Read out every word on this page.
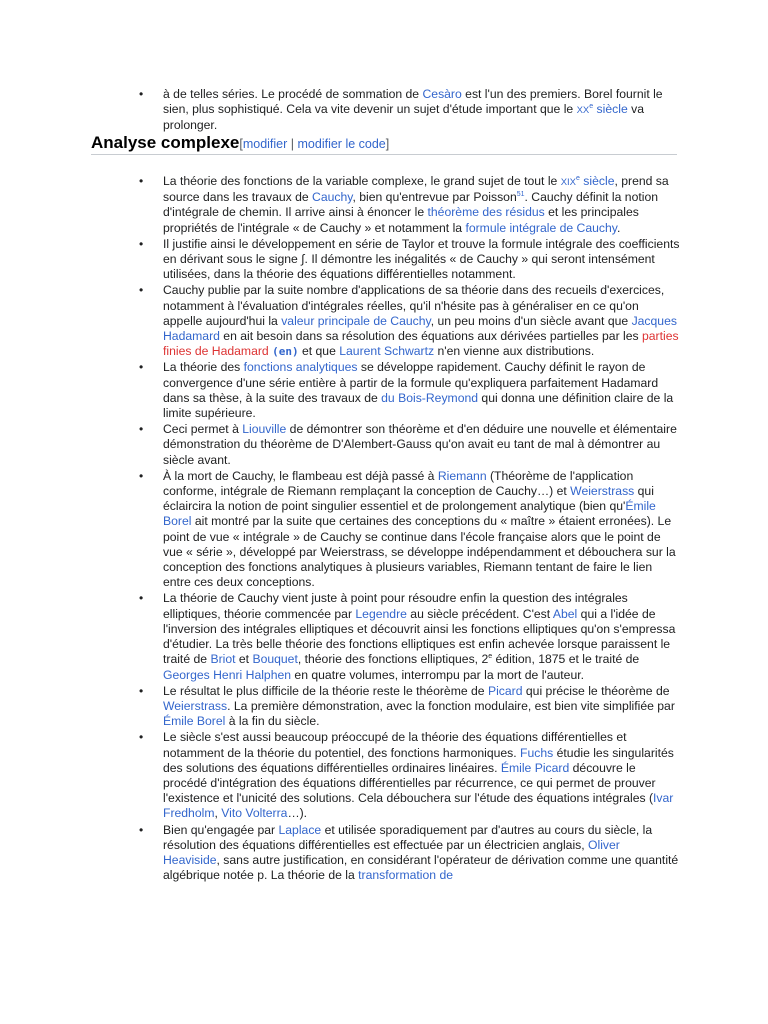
• à de telles séries. Le procédé de sommation de Cesàro est l'un des premiers. Borel fournit le sien, plus sophistiqué. Cela va vite devenir un sujet d'étude important que le XXe siècle va prolonger.
Analyse complexe[modifier | modifier le code]
• La théorie des fonctions de la variable complexe, le grand sujet de tout le XIXe siècle, prend sa source dans les travaux de Cauchy, bien qu'entrevue par Poisson$^{51}$. Cauchy définit la notion d'intégrale de chemin. Il arrive ainsi à énoncer le théorème des résidus et les principales propriétés de l'intégrale « de Cauchy » et notamment la formule intégrale de Cauchy.
• Il justifie ainsi le développement en série de Taylor et trouve la formule intégrale des coefficients en dérivant sous le signe ∫. Il démontre les inégalités « de Cauchy » qui seront intensément utilisées, dans la théorie des équations différentielles notamment.
• Cauchy publie par la suite nombre d'applications de sa théorie dans des recueils d'exercices, notamment à l'évaluation d'intégrales réelles, qu'il n'hésite pas à généraliser en ce qu'on appelle aujourd'hui la valeur principale de Cauchy, un peu moins d'un siècle avant que Jacques Hadamard en ait besoin dans sa résolution des équations aux dérivées partielles par les parties finies de Hadamard (en) et que Laurent Schwartz n'en vienne aux distributions.
• La théorie des fonctions analytiques se développe rapidement. Cauchy définit le rayon de convergence d'une série entière à partir de la formule qu'expliquera parfaitement Hadamard dans sa thèse, à la suite des travaux de du Bois-Reymond qui donna une définition claire de la limite supérieure.
• Ceci permet à Liouville de démontrer son théorème et d'en déduire une nouvelle et élémentaire démonstration du théorème de D'Alembert-Gauss qu'on avait eu tant de mal à démontrer au siècle avant.
• À la mort de Cauchy, le flambeau est déjà passé à Riemann (Théorème de l'application conforme, intégrale de Riemann remplaçant la conception de Cauchy…) et Weierstrass qui éclaircira la notion de point singulier essentiel et de prolongement analytique (bien qu'Émile Borel ait montré par la suite que certaines des conceptions du « maître » étaient erronées). Le point de vue « intégrale » de Cauchy se continue dans l'école française alors que le point de vue « série », développé par Weierstrass, se développe indépendamment et débouchera sur la conception des fonctions analytiques à plusieurs variables, Riemann tentant de faire le lien entre ces deux conceptions.
• La théorie de Cauchy vient juste à point pour résoudre enfin la question des intégrales elliptiques, théorie commencée par Legendre au siècle précédent. C'est Abel qui a l'idée de l'inversion des intégrales elliptiques et découvrit ainsi les fonctions elliptiques qu'on s'empressa d'étudier. La très belle théorie des fonctions elliptiques est enfin achevée lorsque paraissent le traité de Briot et Bouquet, théorie des fonctions elliptiques, 2e édition, 1875 et le traité de Georges Henri Halphen en quatre volumes, interrompu par la mort de l'auteur.
• Le résultat le plus difficile de la théorie reste le théorème de Picard qui précise le théorème de Weierstrass. La première démonstration, avec la fonction modulaire, est bien vite simplifiée par Émile Borel à la fin du siècle.
• Le siècle s'est aussi beaucoup préoccupé de la théorie des équations différentielles et notamment de la théorie du potentiel, des fonctions harmoniques. Fuchs étudie les singularités des solutions des équations différentielles ordinaires linéaires. Émile Picard découvre le procédé d'intégration des équations différentielles par récurrence, ce qui permet de prouver l'existence et l'unicité des solutions. Cela débouchera sur l'étude des équations intégrales (Ivar Fredholm, Vito Volterra…).
• Bien qu'engagée par Laplace et utilisée sporadiquement par d'autres au cours du siècle, la résolution des équations différentielles est effectuée par un électricien anglais, Oliver Heaviside, sans autre justification, en considérant l'opérateur de dérivation comme une quantité algébrique notée p. La théorie de la transformation de
